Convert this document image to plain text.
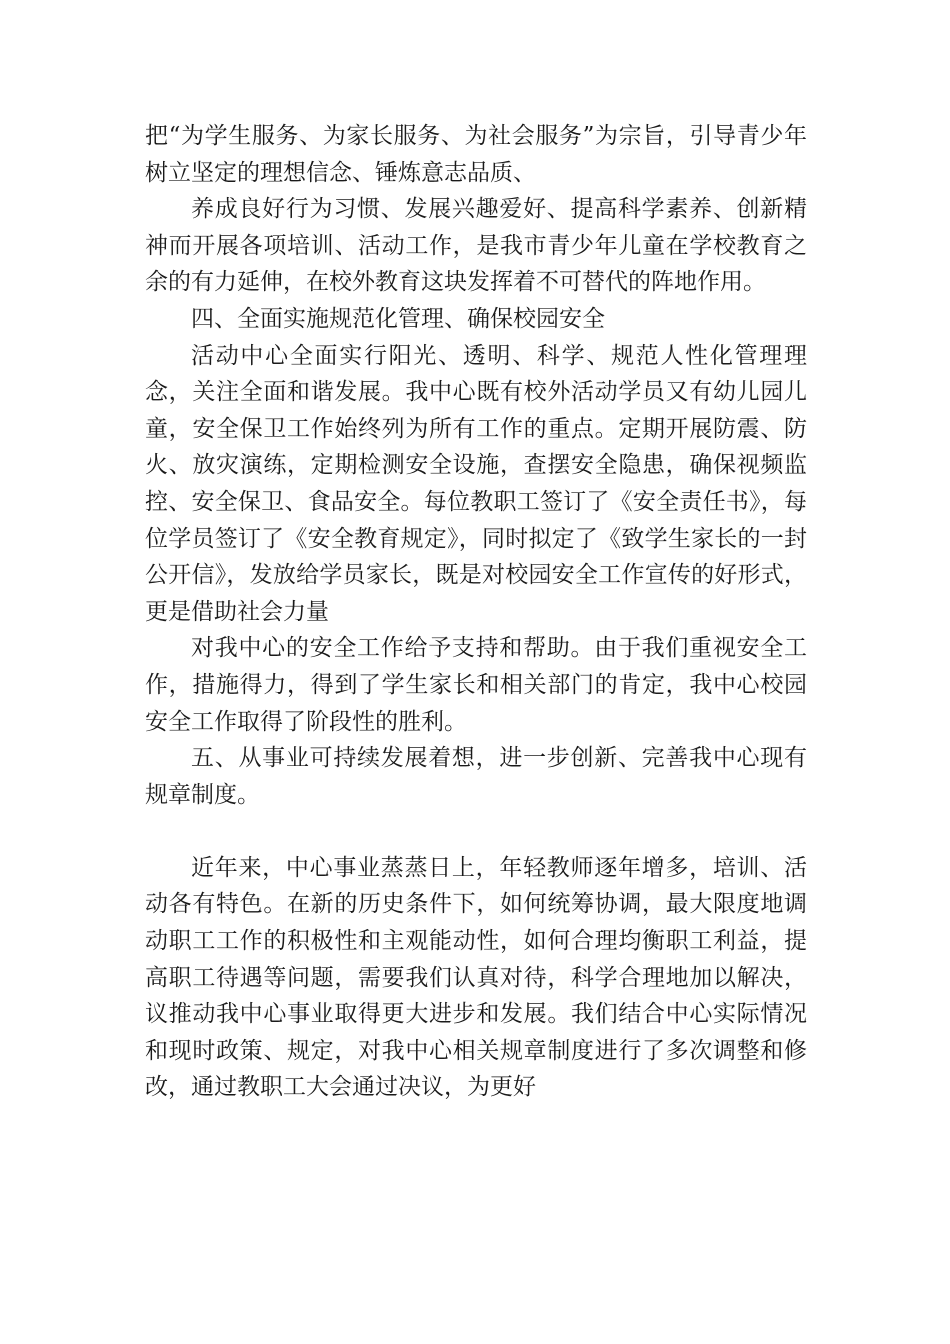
把“为学生服务、为家长服务、为社会服务”为宗旨，引导青少年树立坚定的理想信念、锤炼意志品质、

养成良好行为习惯、发展兴趣爱好、提高科学素养、创新精神而开展各项培训、活动工作，是我市青少年儿童在学校教育之余的有力延伸，在校外教育这块发挥着不可替代的阵地作用。

四、全面实施规范化管理、确保校园安全

活动中心全面实行阳光、透明、科学、规范人性化管理理念，关注全面和谐发展。我中心既有校外活动学员又有幼儿园儿童，安全保卫工作始终列为所有工作的重点。定期开展防震、防火、放灾演练，定期检测安全设施，查摆安全隐患，确保视频监控、安全保卫、食品安全。每位教职工签订了《安全责任书》，每位学员签订了《安全教育规定》，同时拟定了《致学生家长的一封公开信》，发放给学员家长，既是对校园安全工作宣传的好形式，更是借助社会力量

对我中心的安全工作给予支持和帮助。由于我们重视安全工作，措施得力，得到了学生家长和相关部门的肯定，我中心校园安全工作取得了阶段性的胜利。

五、从事业可持续发展着想，进一步创新、完善我中心现有规章制度。

近年来，中心事业蒸蒸日上，年轻教师逐年增多，培训、活动各有特色。在新的历史条件下，如何统筹协调，最大限度地调动职工工作的积极性和主观能动性，如何合理均衡职工利益，提高职工待遇等问题，需要我们认真对待，科学合理地加以解决，议推动我中心事业取得更大进步和发展。我们结合中心实际情况和现时政策、规定，对我中心相关规章制度进行了多次调整和修改，通过教职工大会通过决议，为更好
